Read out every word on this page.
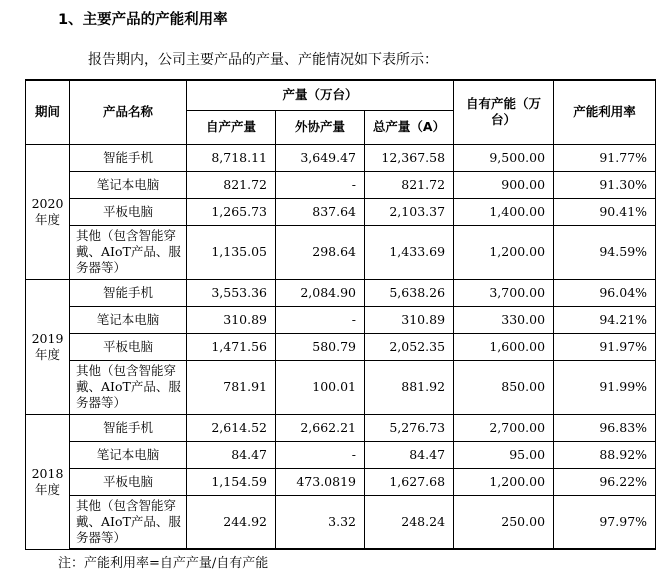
1、主要产品的产能利用率
报告期内，公司主要产品的产量、产能情况如下表所示：
期间	产品名称	产量（万台）			自有产能（万台）	产能利用率
		自产产量	外协产量	总产量（A）		
2020年度	智能手机	8,718.11	3,649.47	12,367.58	9,500.00	91.77%
	笔记本电脑	821.72	-	821.72	900.00	91.30%
	平板电脑	1,265.73	837.64	2,103.37	1,400.00	90.41%
	其他（包含智能穿戴、AIoT产品、服务器等）	1,135.05	298.64	1,433.69	1,200.00	94.59%
2019年度	智能手机	3,553.36	2,084.90	5,638.26	3,700.00	96.04%
	笔记本电脑	310.89	-	310.89	330.00	94.21%
	平板电脑	1,471.56	580.79	2,052.35	1,600.00	91.97%
	其他（包含智能穿戴、AIoT产品、服务器等）	781.91	100.01	881.92	850.00	91.99%
2018年度	智能手机	2,614.52	2,662.21	5,276.73	2,700.00	96.83%
	笔记本电脑	84.47	-	84.47	95.00	88.92%
	平板电脑	1,154.59	473.0819	1,627.68	1,200.00	96.22%
	其他（包含智能穿戴、AIoT产品、服务器等）	244.92	3.32	248.24	250.00	97.97%
注：产能利用率=自产产量/自有产能
